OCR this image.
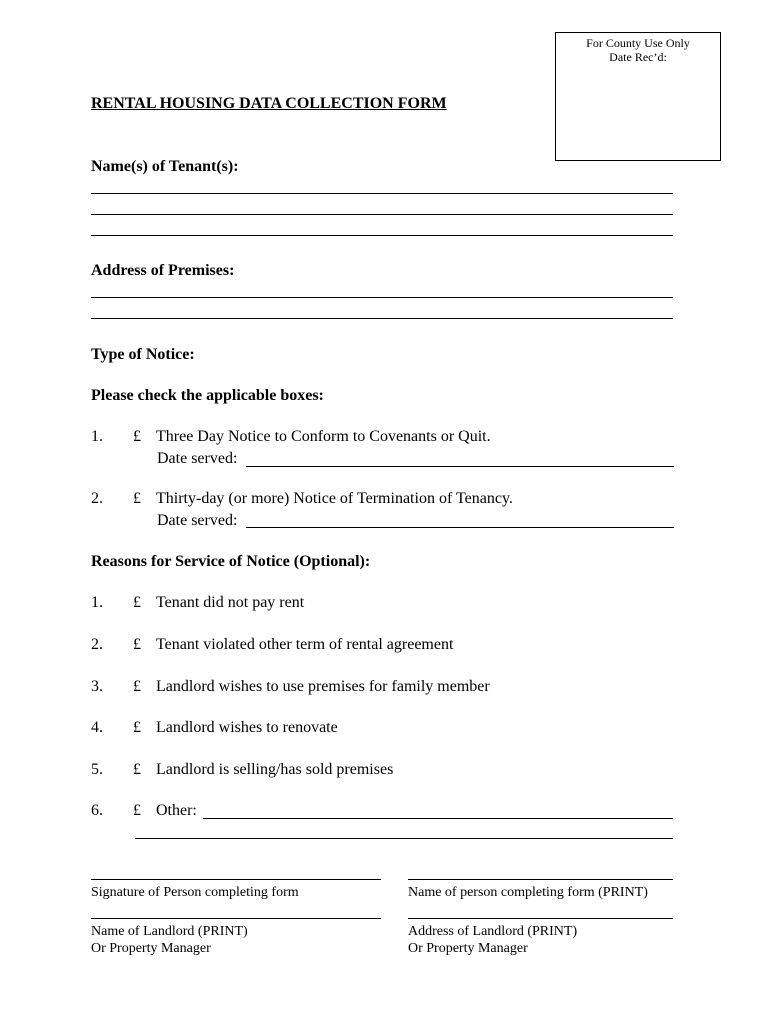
For County Use Only
Date Rec’d:
RENTAL HOUSING DATA COLLECTION FORM
Name(s) of Tenant(s):
Address of Premises:
Type of Notice:
Please check the applicable boxes:
1. £ Three Day Notice to Conform to Covenants or Quit.
Date served:
2. £ Thirty-day (or more) Notice of Termination of Tenancy.
Date served:
Reasons for Service of Notice (Optional):
1. £ Tenant did not pay rent
2. £ Tenant violated other term of rental agreement
3. £ Landlord wishes to use premises for family member
4. £ Landlord wishes to renovate
5. £ Landlord is selling/has sold premises
6. £ Other:
Signature of Person completing form	Name of person completing form (PRINT)
Name of Landlord (PRINT)
Or Property Manager
Address of Landlord (PRINT)
Or Property Manager
